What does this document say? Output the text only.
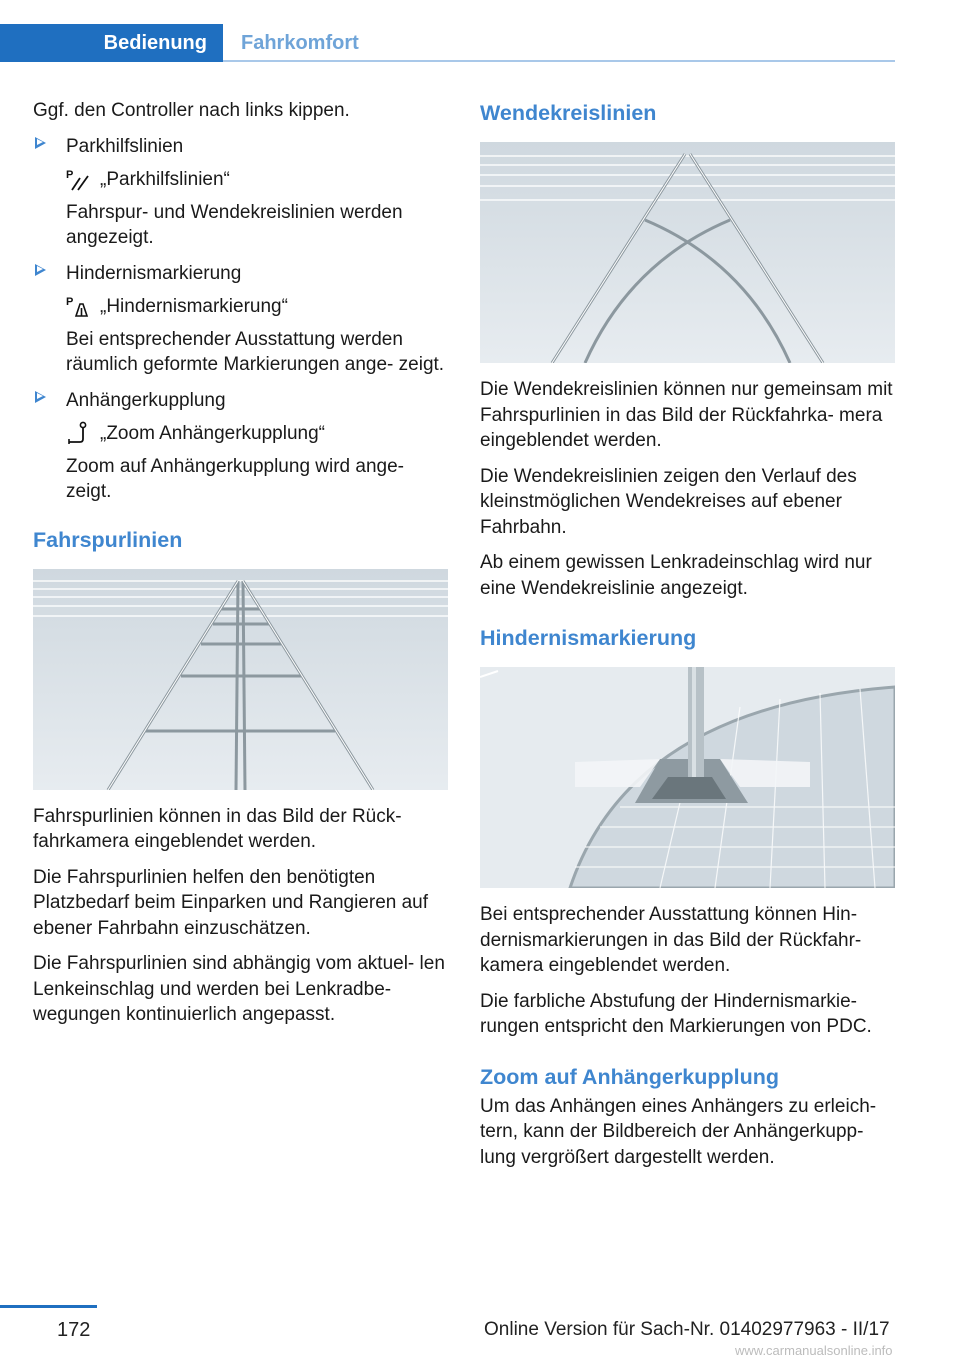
Bedienung Fahrkomfort

Ggf. den Controller nach links kippen.

Parkhilfslinien
P „Parkhilfslinien“

Fahrspur- und Wendekreislinien werden angezeigt.

Hindernismarkierung
P „Hindernismarkierung“

Bei entsprechender Ausstattung werden räumlich geformte Markierungen ange‐ zeigt.

Anhängerkupplung
„Zoom Anhängerkupplung“

Zoom auf Anhängerkupplung wird ange‐ zeigt.

Fahrspurlinien

Fahrspurlinien können in das Bild der Rück‐ fahrkamera eingeblendet werden.

Die Fahrspurlinien helfen den benötigten Platzbedarf beim Einparken und Rangieren auf ebener Fahrbahn einzuschätzen.

Die Fahrspurlinien sind abhängig vom aktuel‐ len Lenkeinschlag und werden bei Lenkradbe‐ wegungen kontinuierlich angepasst.

Wendekreislinien

Die Wendekreislinien können nur gemeinsam mit Fahrspurlinien in das Bild der Rückfahrka‐ mera eingeblendet werden.

Die Wendekreislinien zeigen den Verlauf des kleinstmöglichen Wendekreises auf ebener Fahrbahn.

Ab einem gewissen Lenkradeinschlag wird nur eine Wendekreislinie angezeigt.

Hindernismarkierung

Bei entsprechender Ausstattung können Hin‐ dernismarkierungen in das Bild der Rückfahr‐ kamera eingeblendet werden.

Die farbliche Abstufung der Hindernismarkie‐ rungen entspricht den Markierungen von PDC.

Zoom auf Anhängerkupplung

Um das Anhängen eines Anhängers zu erleich‐ tern, kann der Bildbereich der Anhängerkupp‐ lung vergrößert dargestellt werden.

172	Online Version für Sach-Nr. 01402977963 - II/17
www.carmanualsonline.info
